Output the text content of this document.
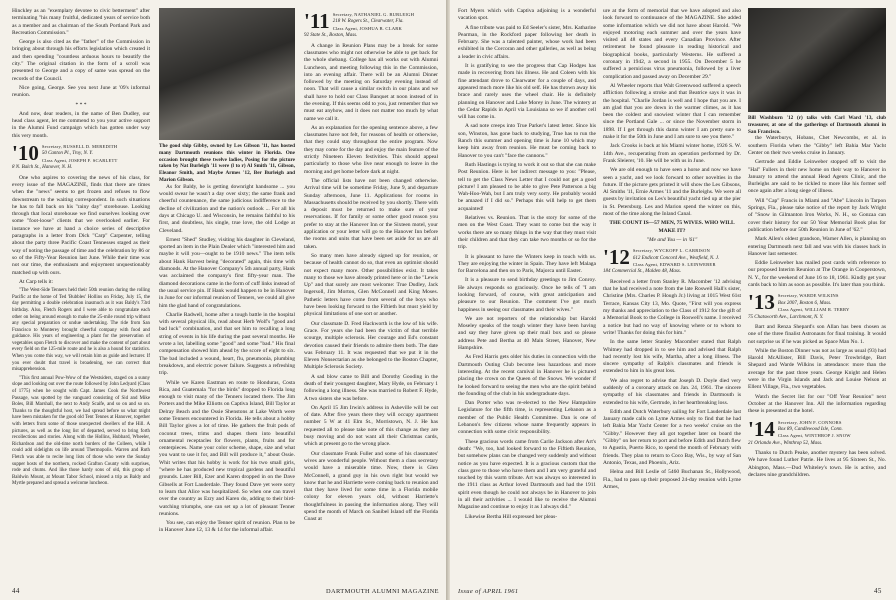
Hinckley as an "exemplary devotee to civic betterment" after terminating "his many fruitful, dedicated years of service both as a member and as chairman of the South Portland Park and Recreation Commission."

George is also cited as the "father" of the Commission in bringing about through his efforts legislation which created it and then spending "countless arduous hours to beautify the city." The original citation in the form of a scroll was presented to George and a copy of same was spread on the records of the Council.

Nice going, George. See you next June at '09's informal reunion.

* * *

And now, dear readers, in the name of Ben Dudley, our head class agent, let me commend to you your active support in the Alumni Fund campaign which has gotten under way this very month.

'10 Secretary, RUSSELL D. MEREDITH
50 Canton Pl., Troy, N. Y.
Class Agent, JOSEPH F. SCARLETT
8 N. Balch St., Hanover, N. H.

One who aspires to covering the news of his class, for every issue of the MAGAZINE, finds that there are times when the "news" seems to get frozen and refuses to flow downstream to the waiting correspondent. In such situations he has to fall back on his "rainy day" storehouse. Looking through that local storehouse we find ourselves looking over some "foot-loose" clients that we overlooked earlier. For instance we have at hand a choice series of descriptive paragraphs in a letter from Dick "Carp" Carpenter, telling about the party three Pacific Coast Tennesses staged as their way of noting the passage of time and the celebration by 86 or so of the Fifty-Year Reunion last June. While their time was not our time, the enthusiasm and enjoyment unquestionably matched up with ours.

At Carp tells it:

"The West-Side Tenners held their 50th reunion during the rolling Pacific at the home of Ted 'Bubbles' Hollins on Friday, July 15, the day permitting a double celebration inasmuch as it was Baldy's 73rd birthday. Also, Fletch Rogers and I were able to congratulate each other on being around enough to make the 25-mile round trip without any special preparation or undue undertaking. The ride from San Francisco to Monterey brought cheerful company with food and guidance. His years of engineering a plant for the preservation of vegetables upon Fletch to discover and make the content of part about every field on the 125-mile route and he is also a hound for statistics. When you come this way, we will retain him as guide and lecturer. If you ever doubt that travel is broadening, we can correct that misapprehension.

"This first annual Pow-Wow of the Westsiders, staged on a sunny slope and looking out over the route followed by John Ledyard (Class of 1775) when he sought with Capt. James Cook the Northwest Passage, was spotted by the vanguard consisting of Sid and Mike Boles, Bill Marshall, the next to Andy Scaife, and so on and so on. Thanks to the thoughtful host, we had spread before us what might have been mistaken for the good old Tent Tennes at Hanover, together with letters from some of those unexpected dwellers of the Hill. A pictures, as well as the long list of departed, served to bring forth recollections and stories. Along with the Hollins, Hubbard, Wheeler, Richardson and the old-time north borders of the Colleen, while I could add sidelights on life around Thermopolis. Warren and Ruth Fletch was able to recite long lists of those who were the Sunday supper hosts of the northern, rocked Grafton County with surprises, rode and chums. And like those hardy sons of old, this group of Baldwin Mount, at Mount Tabor School, missed a trip as Baldy and Myrtle prepared and spread a welcome luncheon.

The good ship Gibby, owned by Les Gibson '11, has hosted many Dartmouth reunions this winter in Florida. One occasion brought these twelve ladies, Posing for the picture taken by Nat Burleigh '11 were (l to r) Al Smith '11, Gibson, Eleanor Smith, and Maybe Armes '12, Ber Burleigh and Marion Gibson.

As for Baldy, he is getting downright handsome ... you would swear he wasn't a day over sixty; the same frank and cheerful countenance, the same judicious indifference to the decline of civilization and the nation's outlook ... For all his days at Chicago U. and Wisconsin, he remains faithful to his first, and doubtless, his single, true love, the old Lodge at Cleveland.

Ernest "Shed" Studley, visiting his daughter in Cleveland, sported an item in the Plain Dealer which "interested him and maybe it will you—ought to be 1910 news." The item tells about Hank Harvest being "decorated" again, this time with diamonds. At the Hanover Company's 5th annual party, Hank was acclaimed the company's first fifty-year man. The diamond decorations came in the form of cuff links instead of the usual service pin. If Hank would happen to be in Hanover in June for our informal reunion of Tenners, we could all give him the glad hand of congratulations.

Charlie Radwell, home after a tough battle in the hospital with several physical ills, read about Herb Wolf's "good and bad luck" combination, and that set him to recalling a long string of events in his life during the past several months. He wrote a lot, labelling some "good" and some "bad." His final compensation showed him ahead by the score of eight to six. The bad included a wound, heart, flu, pneumonia, plumbing breakdown, and electric power failure. Suggests a refreshing trip.

While we Karen Eastman en route to Honduras, Costa Rica, and Guatemala "for the birds" dropped to Florida long enough to visit many of the Tenners located there. The Jim Porters and the Mike Elliotts on Captiva Island, Bill Taylor at Delray Beach and the Ossie Shenstons at Lake Worth were some Tenners encountered in Florida. He tells about a hobby Bill Taylor gives a lot of time. He gathers the fruit pods of coconut trees, trims and shapes them into beautiful ornamental receptacles for flowers, plants, fruits and for centerpieces. Name your color scheme, shape, size and what you want to use it for, and Bill will produce it," about Ossie. Whit writes that his hobby is work for his two small girls, "where he has produced new tropical gardens and beautiful grounds. Later Bill, Ezer and Karen dropped in on the Dave Gibsells at Fort Lauderdale. They found Dave yet were sorry to learn that Alice was hospitalized. So when one can travel over the country as Ezry and Karen do, adding to their bird-watching triumphs, one can set up a lot of pleasant Tenner reunions.

You see, can enjoy the Tenner spirit of reunion. Plan to be in Hanover June 12, 13 & 14 for the informal affair.

'11 Secretary, NATHANIEL G. BURLEIGH
218 W. Rogers St., Clearwater, Fla.
Class Agent, JOSHUA B. CLARK
92 State St., Boston, Mass.

A change in Reunion Plans may be a break for some classmates who might not otherwise be able to get back for the whole shebang. College has all works out with Alumni Luncheon, and meeting following this in the Commission, into an evening affair. There will be an Alumni Dinner followed by the meeting on Saturday evening instead of noon. That will cause a similar switch in our plans and we shall have to hold our Class Banquet at noon instead of in the evening. If this seems odd to you, just remember that we must eat anyhow, and it does not matter too much by what name we call it.

As an explanation for the opening sentence above, a few classmates have not felt, for reasons of health or otherwise, that they could stay throughout the entire program. Now they may come for the day and enjoy the main feature of the strictly Nineteen Eleven festivities. This should appeal particularly to those who live near enough to leave in the morning and get home before dark at night.

The official lists have not been changed otherwise. Arrival time will be sometime Friday, June 9, and departure Sunday afternoon, June 11. Applications for rooms in Massachusetts should be received by you shortly. There with a deposit must be returned to make sure of your reservations. If for family or some other good reason you prefer to stay at the Hanover Inn or the Sixteen motel, your application or your letter will go to the Hanover Inn before the rooms and units that have been set aside for us are all taken.

So many men have already signed up for reunion, or because of health cannot do so, that even an optimist should not expect many more. Other possibilities exist. It takes many to those we have already printed here or in the "Lewis Up" and that surely are most welcome: True Dudley, Jack Ingersoll, Jim Morton, Glen McConnell and King Moses. Pathetic letters have come from several of the boys who have been looking forward to the Fiftieth but must yield by physical limitations of one sort or another.

Our classmate D. Fred Hackworth is the low of his wife. Grace. For years she had been the victim of that terrible scourge, multiple sclerosis. Her courage and Ed's constant devotion caused their friends to admire them both. The date was February 11. It was requested that we put it in the Eleven Nonsectarian as she belonged to the Boston Chapter, Multiple Sclerosis Society.

A sad blow came to Bill and Dorothy Gooding in the death of their youngest daughter, Mary Hyde, on February 1 following a long illness. She was married to Robert F. Hyde, A two sisters she was before.

On April 15 Jim Irwin's address in Asheville will be out of date. After five years there they will occupy apartment number 5 W at 41 Elm St., Morristown, N. J. He has requested all to please take note of this change as they are busy moving and do not want all their Christmas cards, which at present go to the wrong place.

Our classmate Frank Fuller and some of his classmates' wives are wonderful people. Without them a class secretary would have a miserable time. Now, there is Glen McConnell, a grand guy in his own right but would we know that he and Harriette were coming back to reunion and that they have lived for some time in a Florida mobile colony for eleven years old, without Harriette's thoughtfulness in passing the information along. They will spend the month of March on Sanibel Island off the Florida Coast at

44	DARTMOUTH ALUMNI MAGAZINE

Fort Myers which with Captiva adjoining is a wonderful vacation spot.

A fine tribute was paid to Ed Seeler's sister, Mrs. Katharine Pearman, in the Rockford paper following her death in February. She was a talented painter, whose work had been exhibited in the Corcoran and other galleries, as well as being a leader in civic affairs.

It is gratifying to see the progress that Cap Hodges has made in recovering from his illness. He and Coleen with his fine attendant drove to Clearwater for a couple of days, and appeared much more like his old self. He has thrown away his brace and rarely uses the wheel chair. He is definitely planning on Hanover and Lake Morey in June. The wintery at the Cedar Rapids in April via Louisiana so we if another cell will has come in.

A sad note creeps into True Parker's latest letter. Since his son, Winston, has gone back to studying, True has to run the Ranch this summer and opening time is June 10 which may keep him away from reunion. He must be coming back to Hanover to you can't "face the cannons."

Ruth Hastings is trying to work it out so that she can make Post Reunion. Here is her indirect message to you: "Please, tell to get the Class News Letter that I could not get a good picture! I am pleased to be able to give Pete Patterson a big Wah-Hoo-Wah, but I am truly very sorry. He probably would be amazed if I did so." Perhaps this will help to get them acquainted!

Relatives vs. Reunion. That is the story for some of the men on the West Coast. They want to come but the way it works there are so many things in the way that they must visit their children and that they can take two months or so for the trip.

It is pleasant to have the Winters keep in touch with us. They are enjoying the winter in Spain. They have left Malaga for Barcelona and then on to Paris, Majorca until Easter.

It is a pleasure to send birthday greetings to Jim Conroy. He always responds so graciously. Once he tells of "I am looking forward, of course, with great anticipation and pleasure to our Reunion. The comment I've got much happiness in seeing our classmates and their wives."

We are not reporters of the relationship but Harold Moseley speaks of the tough winter they have been having and say they have given up their mail box and so please address Pete and Bertha at 40 Main Street, Hanover, New Hampshire.

As Fred Harris gets older his duties in connection with the Dartmouth Outing Club become less hazardous and more interesting. At the recent carnival in Hanover he is pictured placing the crown on the Queen of the Snows. We wonder if he looked forward to seeing the men who are the spirit behind the founding of the club in his undergraduate days.

Dan Porter who was re-elected to the New Hampshire Legislature for the fifth time, is representing Lebanon as a member of the Public Health Committee. Dan is one of Lebanon's few citizens whose name frequently appears in connection with some civic responsibility.

These gracious words came from Carlie Jackson after Art's death: "We, too, had looked forward to the Fiftieth Reunion, but somehow plans can be changed very suddenly and without notice as you have expected. It is a gracious custom that the class gave to those who have them and I am very grateful and touched by this warm tribute. Art was always so interested in the 1911 class as Arthur loved Dartmouth and had the 1911 spirit even though he could not always be in Hanover to join in all their activities ... I would like to receive the Alumni Magazine and continue to enjoy it as I always did."

Likewise Bertha Hill expressed her pleas-

ure at the form of memorial that we have adopted and also look forward to continuance of the MAGAZINE. She added some information which we did not have about Harold. "We enjoyed motoring each summer and over the years have visited all 48 states and every Canadian Province. After retirement he found pleasure in reading historical and biographical books, particularly Westerns. He suffered a coronary in 1942, a second in 1955. On December 5 he suffered a pernicious virus pneumonia, followed by a liver complication and passed away on December 29."

Al Wheeler reports that Walt Greenwood suffered a speech affliction following a stroke and that Beatrice says it was in the hospital. "Charlie Jordan is well and I hope that you are. I am glad that you are down in the warmer climes, as it has been the coldest and snowiest winter that I can remember since the Portland Gale ... or since the November storm in 1898. If I get through this damn winter I am pretty sure to make it for the 50th in June and I am sure to see you there."

Jack Crooks is back at his Miami winter home, 1926 S. W. 14th Ave., recuperating from an operation performed by Dr. Frank Sleierer, '10. He will be with us in June.

We are old enough to have seen a horse and now we have seen a yacht, and we look forward to other novelties in the future. If the picture gets printed it will show the Les Gibsons, Al Smiths '11, Ernie Armes '11 and the Burleighs. We were all guests by invitation on Les's beautiful yacht tied up at the pier in St. Petersburg. Les and Marion spend the winter on this, most of the time along the Inland Canal.

THE COUNT IS—57 MEN, 75 WIVES. WHO WILL MAKE IT?

"Me and You — in '61"

'12 Secretary, WYCKOFF L. CARRISON
612 Endicott Concord Ave., Westfield, N. J.
Class Agent, EDWARD S. LEINWEBER
184 Commercial St., Malden 48, Mass.

Received a letter from Stanley R. Macomber '12 advising that he had received a note from the late Roswell Hall's sister, Christine (Mrs. Charles P. Hough Jr.) living at 1015 West 61st Terrace, Kansas City 13, Mo. Quote, "First will you express my thanks and appreciation to the Class of 1912 for the gift of a Memorial Book to the College in Roswell's name. I received a notice but had no way of knowing where or to whom to write! Thanks for doing this for him."

In the same letter Stanley Macomber stated that Ralph Whitney had dropped in to see him and advised that Ralph had recently lost his wife, Martha, after a long illness. The sincere sympathy of Ralph's classmates and friends is extended to him in his great loss.

We also regret to advise that Joseph D. Doyle died very suddenly of a coronary attack on Jan. 24, 1961. The sincere sympathy of his classmates and friends in Dartmouth is extended to his wife, Gertrude, in her heartbreaking loss.

Edith and Dutch Waterbury sailing for Fort Lauderdale last January made calls on Lyme Armes only to find that he had left Bahia Mar Yacht Center for a two weeks' cruise on the "Gibby." However they all got together later on board the "Gibby" on her return to port and before Edith and Dutch flew to Agustin, Puerto Rico, to spend the month of February with friends. They plan to return to Coco Bay, Wis., by way of San Antonio, Texas, and Phoenix, Ariz.

Helna and Bill Leslie of 5460 Buchanan St., Hollywood, Fla., had to pass up their proposed 24-day reunion with Lyme Armes,

Bill Washburn '12 (r) talks with Carl Ward '13, club treasurer, at one of the gatherings of Dartmouth alumni in San Francisco.

the Waterburys, Hobans, Chet Newcombs, et al. in southern Florida when the "Gibby" left Bahia Mar Yacht Center on their two weeks cruise in January.

Gertrude and Eddie Leinweber stopped off to visit the "Hal" Fullers in their new home on their way to Hanover in January to attend the annual Head Agents Clinic, and the Burleighs are said to be tickled to more like his former self once again after a long siege of illness.

Will "Cap" Francis in Miami and "Abe" Lincoln in Tarpon Springs, Fla., please take notice of the report by Jack Wright of "Snow in Gilmanton Iron Works, N. H., so Gonzaa can cover their history for our 50 Year Memorial Book plus for publication before our 50th Reunion in June of '62."

Mark Allen's oldest grandson, Warner Allen, is planning on entering Dartmouth next fall and was with his classes back in Hanover last semester.

Eddie Leinweber has mailed post cards with reference to our proposed Interim Reunion at The Orange in Cooperstown, N. Y., for the weekend of June 16 to 18, 1961. Kindly get your cards back to him as soon as possible. It's later than you think.

'13 Secretary, WARDE WILKINS
Box 2007, Boston 6, Mass.
Class Agent, WILLIAM R. TERRY
75 Chatsworth Ave., Larchmont, N. Y.

Bart and Renza Shepard's son Allan has been chosen as one of the three finalist Astronauts for final training. It would not surprise us if he was picked as Space Man No. 1.

While the Boston Dinner was not as large as usual (93) had Harold McAllister, Bill Davis, Peter Trowbridge, Bart Shepard and Warde Wilkins in attendance: more than the average for the past three years. George Knight and Helen were in the Virgin Islands and Jack and Louise Nelson at Ellent Village, Fla., two vegetables.

Watch the Secret list for our "Off Year Reunion" next October at the Hanover Inn. All the information regarding these is presented at the hotel.

'14 Secretary, JOHN F. CONNORS
Box 89, Candlewood Isle, Conn.
Class Agent, WINTHROP J. SNOW
21 Orlando Ave., Winthrop 52, Mass.

Thanks to Dutch Peake, another mystery has been solved. We have found Luther Patrie. He lives at 95 Sixteen St., No. Abington, Mass.—Dud Whiteley's town. He is active, and declares nine grandchildren.

Issue of APRIL 1961	45
